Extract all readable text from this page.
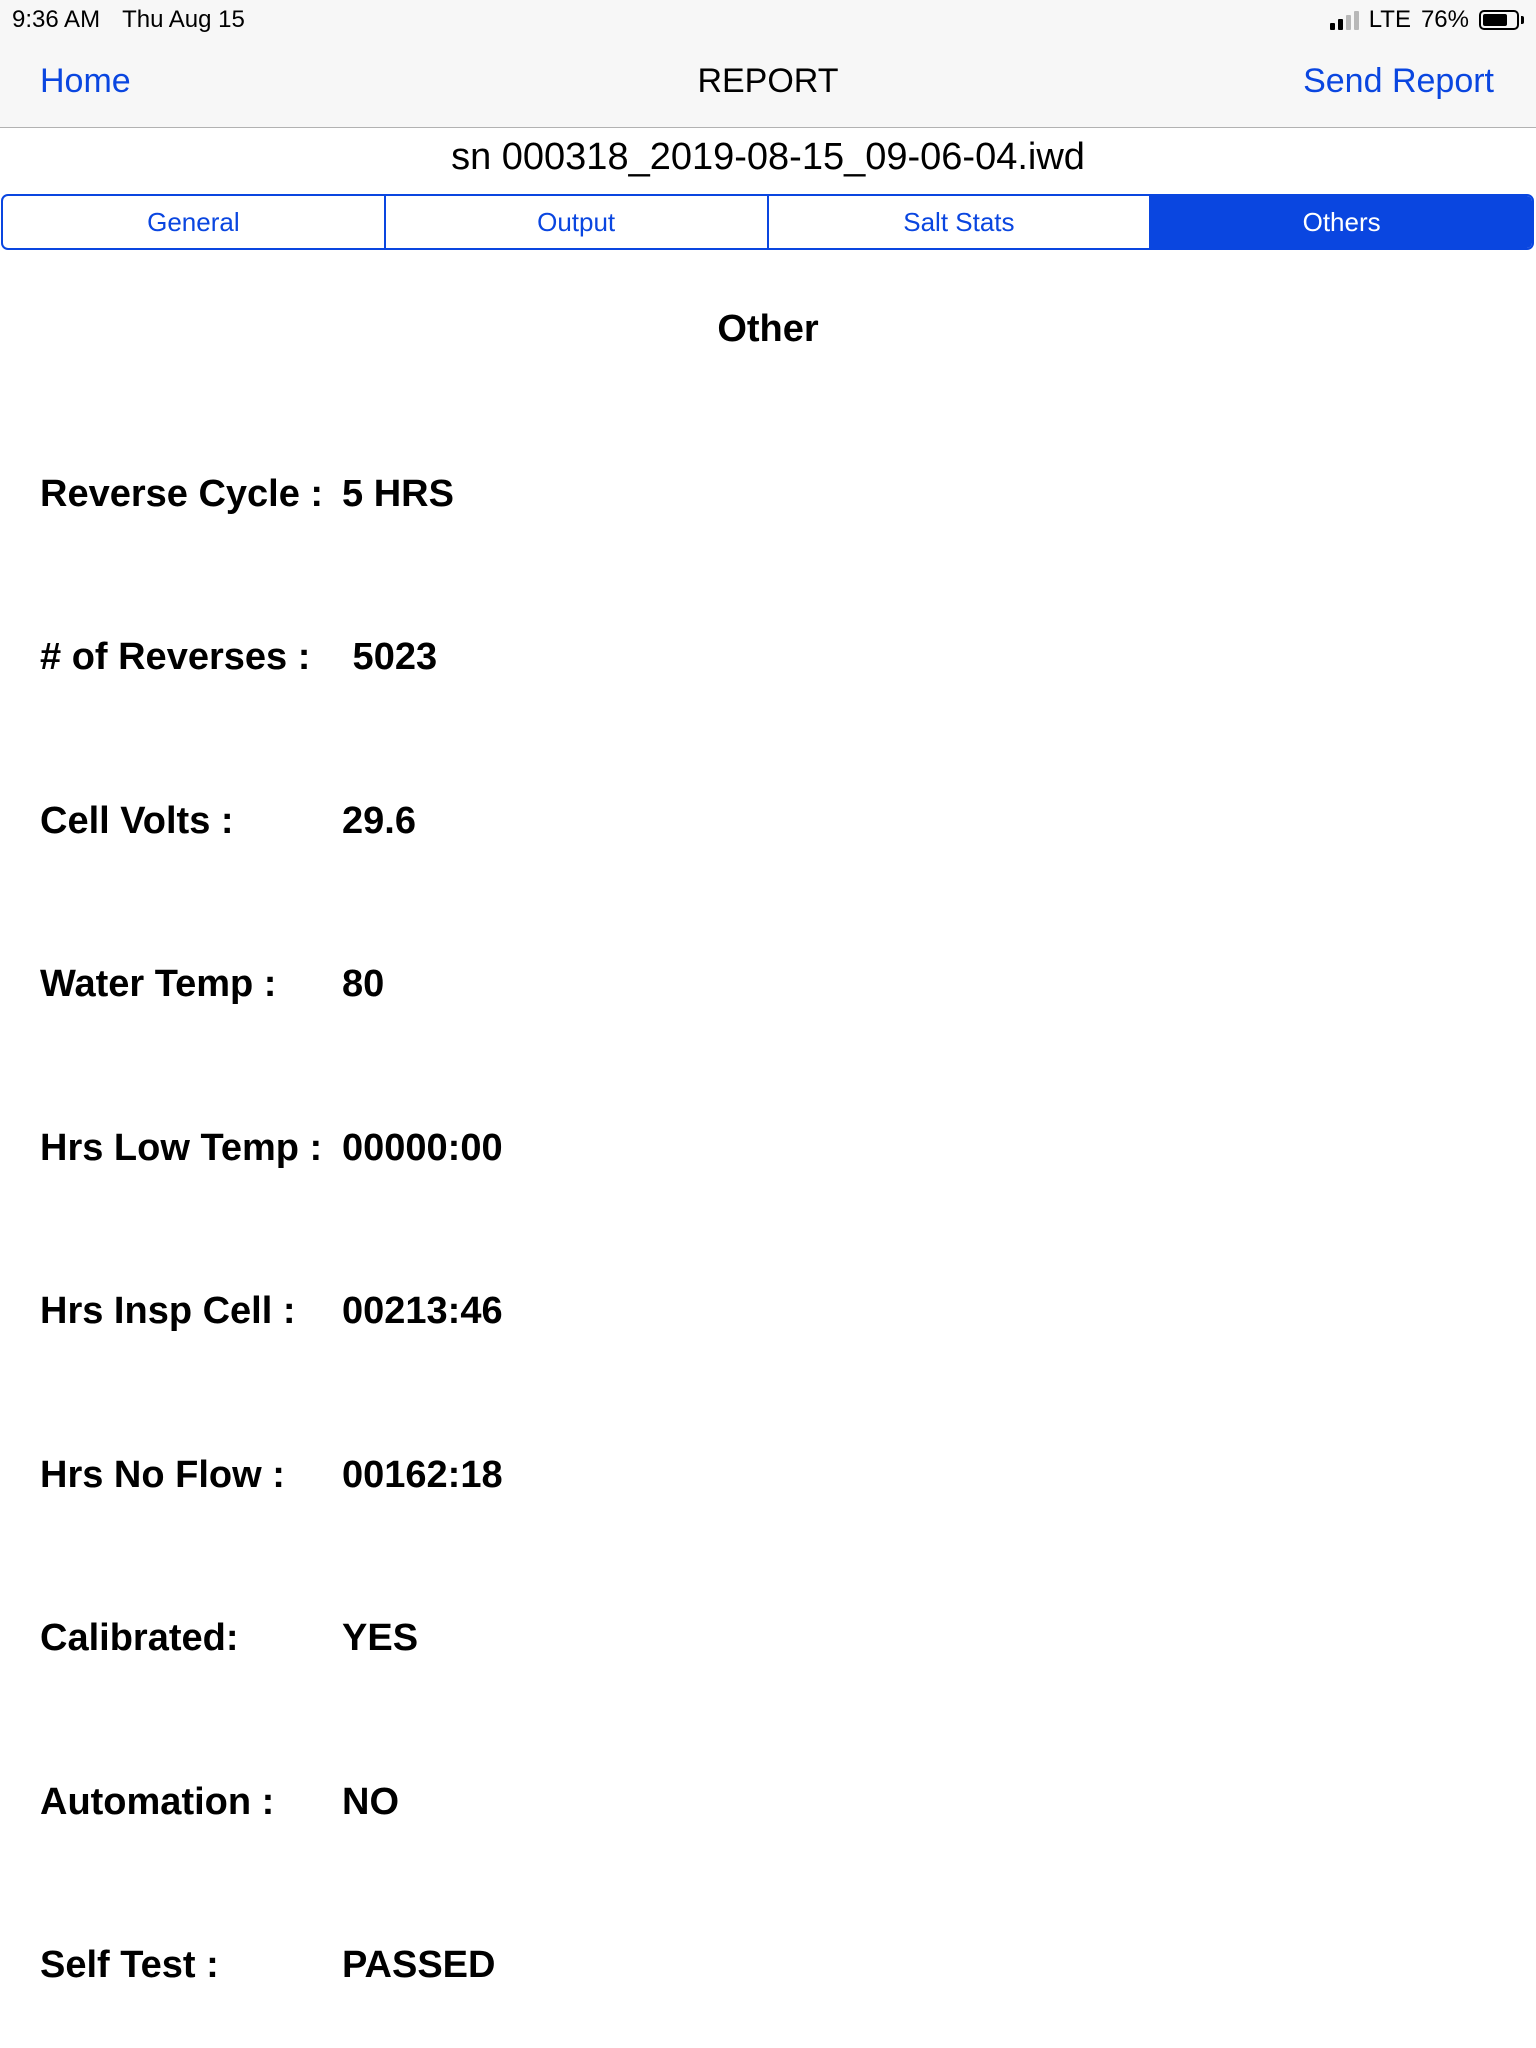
9:36 AM Thu Aug 15	LTE 76%
Home	REPORT	Send Report
sn 000318_2019-08-15_09-06-04.iwd
General	Output	Salt Stats	Others
Other
Reverse Cycle : 5 HRS
# of Reverses : 5023
Cell Volts :	29.6
Water Temp : 80
Hrs Low Temp : 00000:00
Hrs Insp Cell : 00213:46
Hrs No Flow : 00162:18
Calibrated:	YES
Automation : NO
Self Test :	PASSED
